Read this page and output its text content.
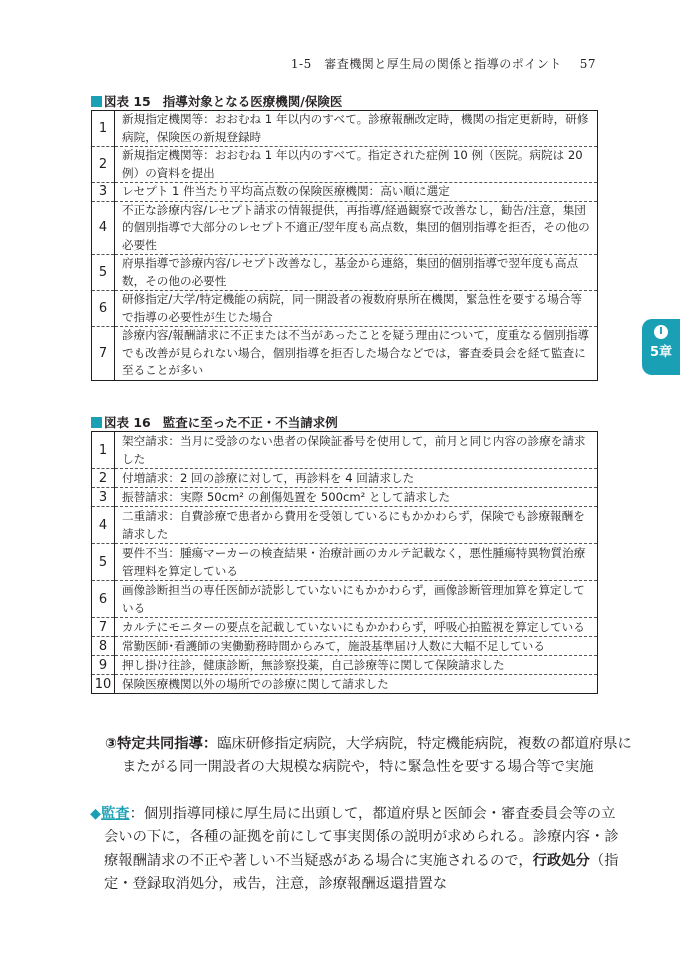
1-5　審査機関と厚生局の関係と指導のポイント 57
Ⅰ
5章
図表 15 指導対象となる医療機関/保険医
1	新規指定機関等：おおむね 1 年以内のすべて。診療報酬改定時，機関の指定更新時，研修病院，保険医の新規登録時
2	新規指定機関等：おおむね 1 年以内のすべて。指定された症例 10 例（医院。病院は 20 例）の資料を提出
3	レセプト 1 件当たり平均高点数の保険医療機関：高い順に選定
4	不正な診療内容/レセプト請求の情報提供，再指導/経過観察で改善なし，勧告/注意，集団的個別指導で大部分のレセプト不適正/翌年度も高点数，集団的個別指導を拒否，その他の必要性
5	府県指導で診療内容/レセプト改善なし，基金から連絡，集団的個別指導で翌年度も高点数，その他の必要性
6	研修指定/大学/特定機能の病院，同一開設者の複数府県所在機関，緊急性を要する場合等で指導の必要性が生じた場合
7	診療内容/報酬請求に不正または不当があったことを疑う理由について，度重なる個別指導でも改善が見られない場合，個別指導を拒否した場合などでは，審査委員会を経て監査に至ることが多い
図表 16 監査に至った不正・不当請求例
1	架空請求：当月に受診のない患者の保険証番号を使用して，前月と同じ内容の診療を請求した
2	付増請求：2 回の診療に対して，再診料を 4 回請求した
3	振替請求：実際 50cm² の創傷処置を 500cm² として請求した
4	二重請求：自費診療で患者から費用を受領しているにもかかわらず，保険でも診療報酬を請求した
5	要件不当：腫瘍マーカーの検査結果・治療計画のカルテ記載なく，悪性腫瘍特異物質治療管理料を算定している
6	画像診断担当の専任医師が読影していないにもかかわらず，画像診断管理加算を算定している
7	カルテにモニターの要点を記載していないにもかかわらず，呼吸心拍監視を算定している
8	常勤医師･看護師の実働勤務時間からみて，施設基準届け人数に大幅不足している
9	押し掛け往診，健康診断，無診察投薬，自己診療等に関して保険請求した
10	保険医療機関以外の場所での診療に関して請求した
③特定共同指導：臨床研修指定病院，大学病院，特定機能病院，複数の都道府県にまたがる同一開設者の大規模な病院や，特に緊急性を要する場合等で実施
◆監査：個別指導同様に厚生局に出頭して，都道府県と医師会・審査委員会等の立会いの下に，各種の証拠を前にして事実関係の説明が求められる。診療内容・診療報酬請求の不正や著しい不当疑惑がある場合に実施されるので，行政処分（指定・登録取消処分，戒告，注意，診療報酬返還措置な
